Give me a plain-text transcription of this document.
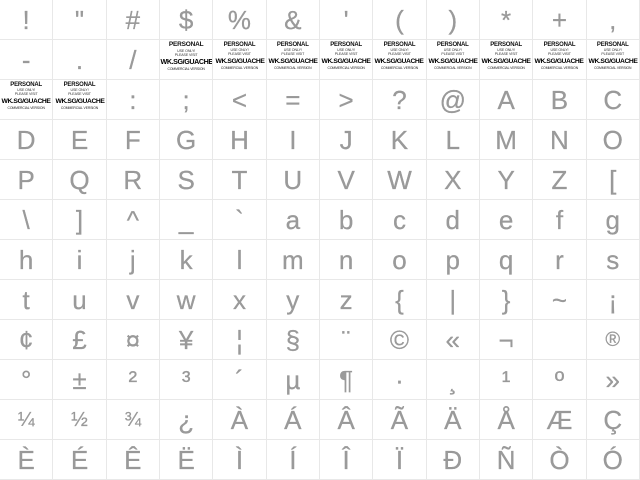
! " # $ % & ' ( ) * + ,
- . /	PERSONAL
USE ONLY!
PLEASE VISIT
WK.SG/GUACHE
COMMERCIAL VERSION
PERSONAL
USE ONLY!
PLEASE VISIT
WK.SG/GUACHE
COMMERCIAL VERSION
PERSONAL
USE ONLY!
PLEASE VISIT
WK.SG/GUACHE
COMMERCIAL VERSION
PERSONAL
USE ONLY!
PLEASE VISIT
WK.SG/GUACHE
COMMERCIAL VERSION
PERSONAL
USE ONLY!
PLEASE VISIT
WK.SG/GUACHE
COMMERCIAL VERSION
PERSONAL
USE ONLY!
PLEASE VISIT
WK.SG/GUACHE
COMMERCIAL VERSION
PERSONAL
USE ONLY!
PLEASE VISIT
WK.SG/GUACHE
COMMERCIAL VERSION
PERSONAL
USE ONLY!
PLEASE VISIT
WK.SG/GUACHE
COMMERCIAL VERSION
PERSONAL
USE ONLY!
PLEASE VISIT
WK.SG/GUACHE
COMMERCIAL VERSION
PERSONAL
USE ONLY!
PLEASE VISIT
WK.SG/GUACHE
COMMERCIAL VERSION
PERSONAL
USE ONLY!
PLEASE VISIT
WK.SG/GUACHE
COMMERCIAL VERSION : ; < = > ? @ A B C
D E F G H I J K L M N O
P Q R S T U V W X Y Z [
\ ] ^ _ ` a b c d e f g
h i j k l m n o p q r s
t u v w x y z { | } ~ ¡
¢ £ ¤ ¥ ¦ § ¨ © « ¬	®
° ± ² ³ ´ µ ¶ · ¸ ¹ º »
¼ ½ ¾ ¿ À Á Â Ã Ä Å Æ Ç
È É Ê Ë Ì Í Î Ï Ð Ñ Ò Ó
